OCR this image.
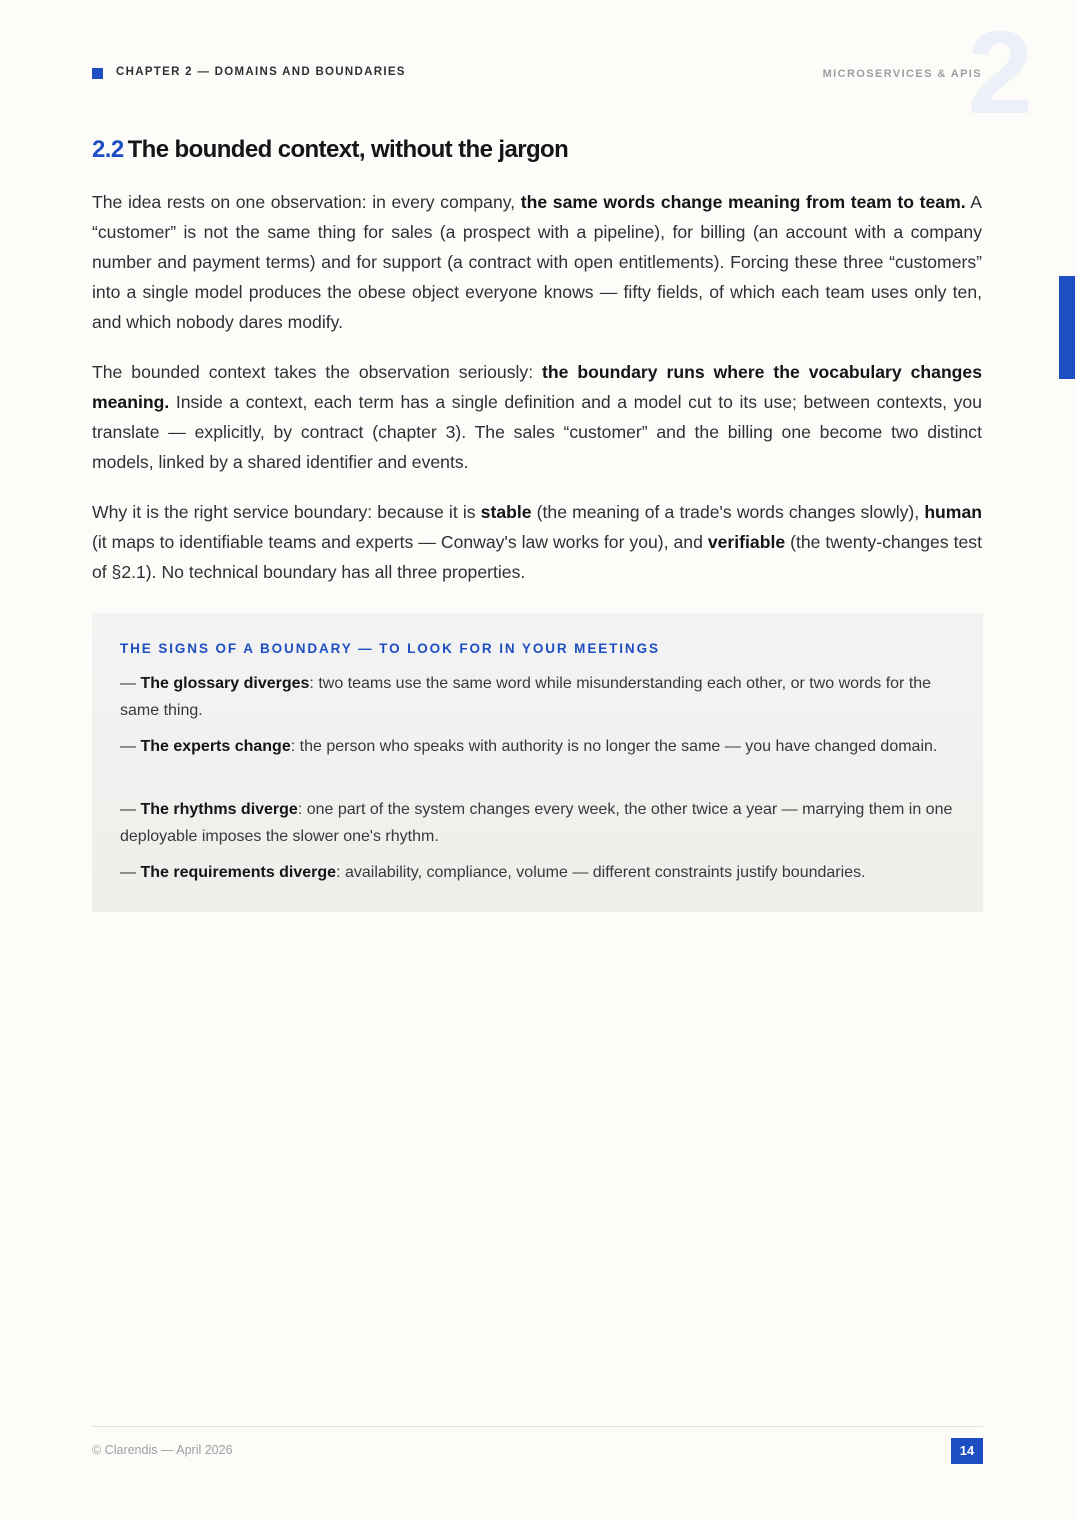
CHAPTER 2 — DOMAINS AND BOUNDARIES	2
MICROSERVICES & APIS
2.2 The bounded context, without the jargon

The idea rests on one observation: in every company, the same words change meaning from team to team. A “customer” is not the same thing for sales (a prospect with a pipeline), for billing (an account with a company number and payment terms) and for support (a contract with open entitlements). Forcing these three “customers” into a single model produces the obese object everyone knows — fifty fields, of which each team uses only ten, and which nobody dares modify.

The bounded context takes the observation seriously: the boundary runs where the vocabulary changes meaning. Inside a context, each term has a single definition and a model cut to its use; between contexts, you translate — explicitly, by contract (chapter 3). The sales “customer” and the billing one become two distinct models, linked by a shared identifier and events.

Why it is the right service boundary: because it is stable (the meaning of a trade's words changes slowly), human (it maps to identifiable teams and experts — Conway's law works for you), and verifiable (the twenty-changes test of §2.1). No technical boundary has all three properties.

THE SIGNS OF A BOUNDARY — TO LOOK FOR IN YOUR MEETINGS
— The glossary diverges: two teams use the same word while misunderstanding each other, or two words for the same thing.
— The experts change: the person who speaks with authority is no longer the same — you have changed domain.
— The rhythms diverge: one part of the system changes every week, the other twice a year — marrying them in one deployable imposes the slower one's rhythm.
— The requirements diverge: availability, compliance, volume — different constraints justify boundaries.
© Clarendis — April 2026	14
